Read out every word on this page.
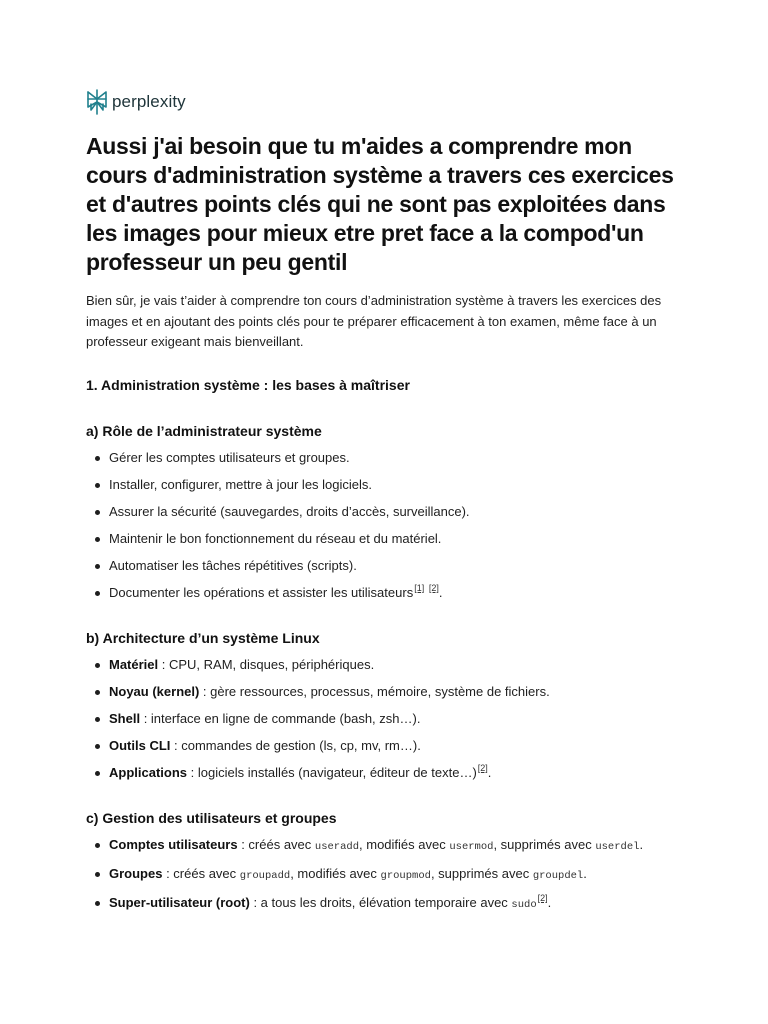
perplexity
Aussi j'ai besoin que tu m'aides a comprendre mon cours d'administration système a travers ces exercices et d'autres points clés qui ne sont pas exploitées dans les images pour mieux etre pret face a la compod'un professeur un peu gentil

Bien sûr, je vais t’aider à comprendre ton cours d’administration système à travers les exercices des images et en ajoutant des points clés pour te préparer efficacement à ton examen, même face à un professeur exigeant mais bienveillant.

1. Administration système : les bases à maîtriser
a) Rôle de l’administrateur système
Gérer les comptes utilisateurs et groupes.
Installer, configurer, mettre à jour les logiciels.
Assurer la sécurité (sauvegardes, droits d’accès, surveillance).
Maintenir le bon fonctionnement du réseau et du matériel.
Automatiser les tâches répétitives (scripts).
Documenter les opérations et assister les utilisateurs[1] [2].
b) Architecture d’un système Linux
Matériel : CPU, RAM, disques, périphériques.
Noyau (kernel) : gère ressources, processus, mémoire, système de fichiers.
Shell : interface en ligne de commande (bash, zsh…).
Outils CLI : commandes de gestion (ls, cp, mv, rm…).
Applications : logiciels installés (navigateur, éditeur de texte…)[2].
c) Gestion des utilisateurs et groupes
Comptes utilisateurs : créés avec useradd, modifiés avec usermod, supprimés avec userdel.
Groupes : créés avec groupadd, modifiés avec groupmod, supprimés avec groupdel.
Super-utilisateur (root) : a tous les droits, élévation temporaire avec sudo[2].
